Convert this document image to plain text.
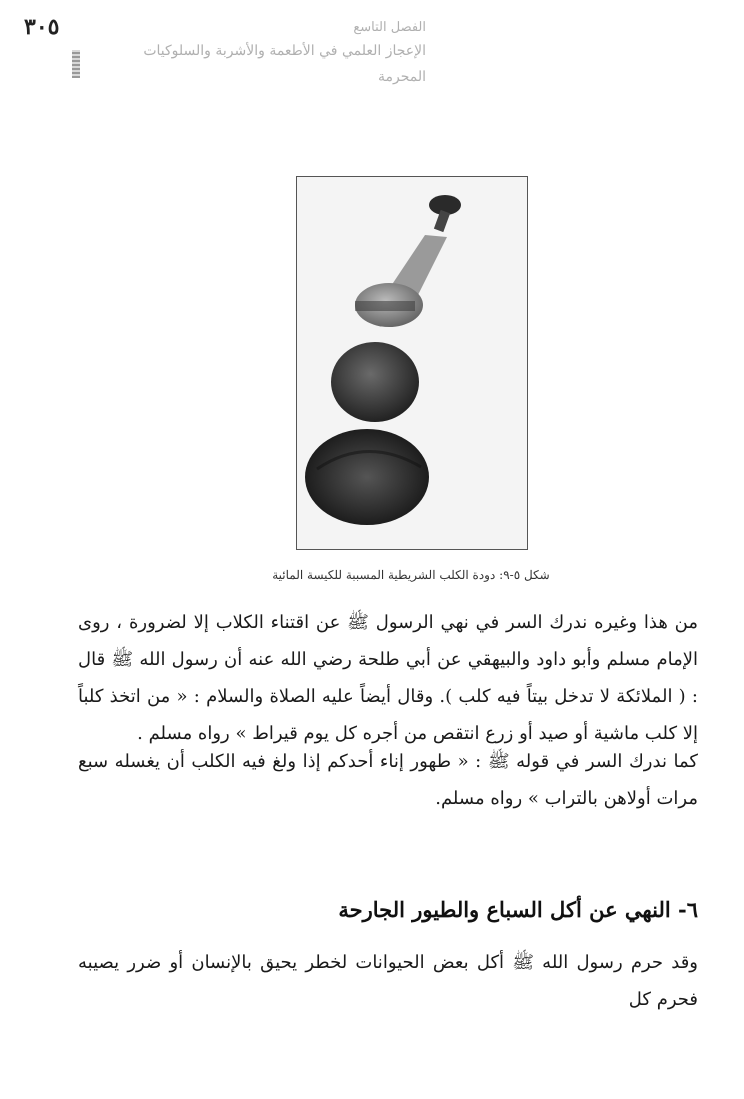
٣٠٥	الفصل التاسع
الإعجاز العلمي في الأطعمة والأشربة والسلوكيات المحرمة
شكل ٥-٩: دودة الكلب الشريطية المسببة للكيسة المائية

من هذا وغيره ندرك السر في نهي الرسول ﷺ عن اقتناء الكلاب إلا لضرورة ، روى الإمام مسلم وأبو داود والبيهقي عن أبي طلحة رضي الله عنه أن رسول الله ﷺ قال : ( الملائكة لا تدخل بيتاً فيه كلب ). وقال أيضاً عليه الصلاة والسلام : « من اتخذ كلباً إلا كلب ماشية أو صيد أو زرع انتقص من أجره كل يوم قيراط » رواه مسلم .

كما ندرك السر في قوله ﷺ : « طهور إناء أحدكم إذا ولغ فيه الكلب أن يغسله سبع مرات أولاهن بالتراب » رواه مسلم.

٦- النهي عن أكل السباع والطيور الجارحة

وقد حرم رسول الله ﷺ أكل بعض الحيوانات لخطر يحيق بالإنسان أو ضرر يصيبه فحرم كل
